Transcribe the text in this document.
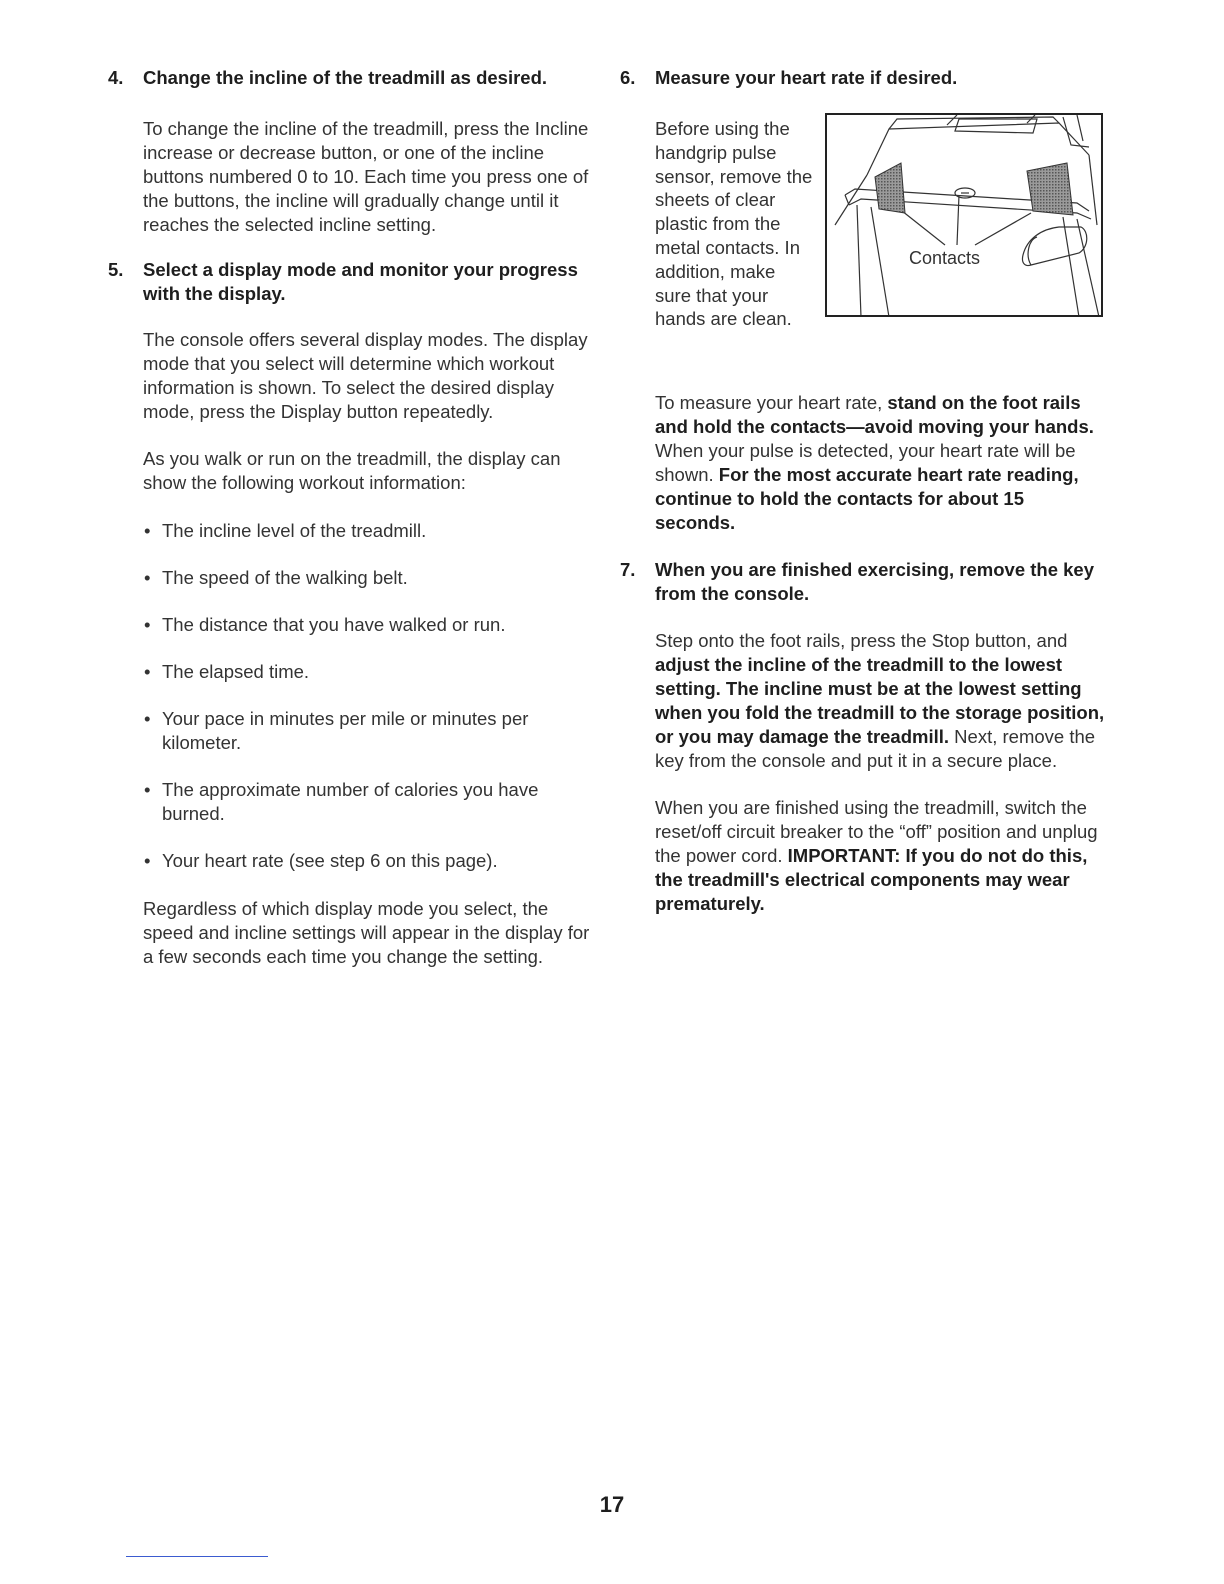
4. Change the incline of the treadmill as desired.
To change the incline of the treadmill, press the Incline increase or decrease button, or one of the incline buttons numbered 0 to 10. Each time you press one of the buttons, the incline will gradually change until it reaches the selected incline setting.
5. Select a display mode and monitor your progress with the display.
The console offers several display modes. The display mode that you select will determine which workout information is shown. To select the desired display mode, press the Display button repeatedly.
As you walk or run on the treadmill, the display can show the following workout information:
• The incline level of the treadmill.
• The speed of the walking belt.
• The distance that you have walked or run.
• The elapsed time.
• Your pace in minutes per mile or minutes per kilometer.
• The approximate number of calories you have burned.
• Your heart rate (see step 6 on this page).
Regardless of which display mode you select, the speed and incline settings will appear in the display for a few seconds each time you change the setting.
6. Measure your heart rate if desired.
Before using the handgrip pulse sensor, remove the sheets of clear plastic from the metal contacts. In addition, make sure that your hands are clean.
Contacts
To measure your heart rate, stand on the foot rails and hold the contacts—avoid moving your hands. When your pulse is detected, your heart rate will be shown. For the most accurate heart rate reading, continue to hold the contacts for about 15 seconds.
7. When you are finished exercising, remove the key from the console.
Step onto the foot rails, press the Stop button, and adjust the incline of the treadmill to the lowest setting. The incline must be at the lowest setting when you fold the treadmill to the storage position, or you may damage the treadmill. Next, remove the key from the console and put it in a secure place.
When you are finished using the treadmill, switch the reset/off circuit breaker to the “off” position and unplug the power cord. IMPORTANT: If you do not do this, the treadmill's electrical components may wear prematurely.
17
